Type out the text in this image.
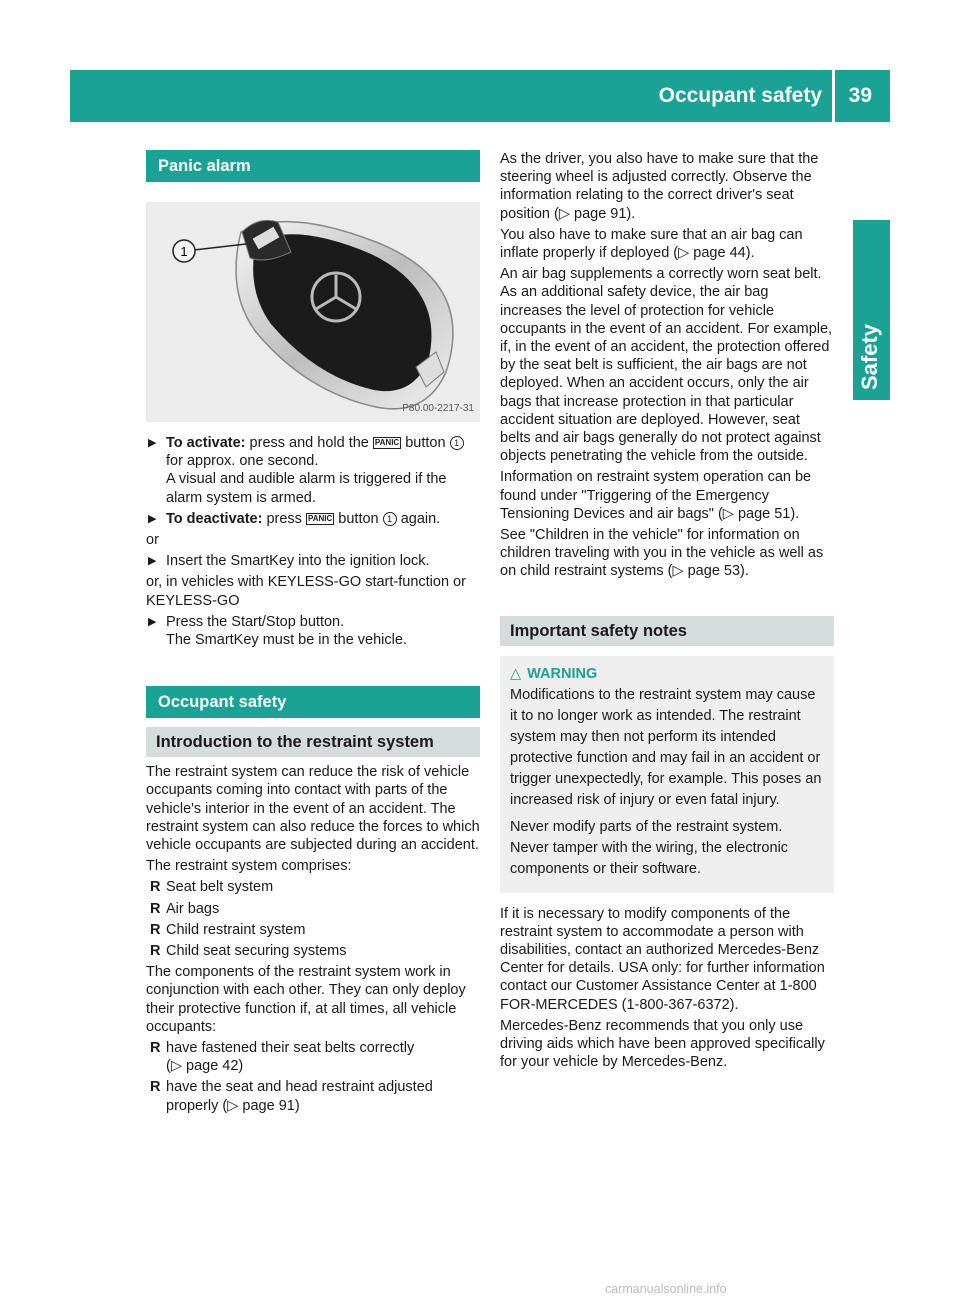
Occupant safety 39
Safety
Panic alarm
1
P80.00-2217-31
▶ To activate: press and hold the PANIC button 1 for approx. one second.
A visual and audible alarm is triggered if the alarm system is armed.
▶ To deactivate: press PANIC button 1 again.

or

▶ Insert the SmartKey into the ignition lock.

or, in vehicles with KEYLESS-GO start-function or KEYLESS-GO

▶ Press the Start/Stop button.
The SmartKey must be in the vehicle.
Occupant safety
Introduction to the restraint system

The restraint system can reduce the risk of vehicle occupants coming into contact with parts of the vehicle's interior in the event of an accident. The restraint system can also reduce the forces to which vehicle occupants are subjected during an accident.

The restraint system comprises:

R Seat belt system
R Air bags
R Child restraint system
R Child seat securing systems

The components of the restraint system work in conjunction with each other. They can only deploy their protective function if, at all times, all vehicle occupants:

R have fastened their seat belts correctly
(▷ page 42)
R have the seat and head restraint adjusted properly (▷ page 91)

As the driver, you also have to make sure that the steering wheel is adjusted correctly. Observe the information relating to the correct driver's seat position (▷ page 91).

You also have to make sure that an air bag can inflate properly if deployed (▷ page 44).

An air bag supplements a correctly worn seat belt. As an additional safety device, the air bag increases the level of protection for vehicle occupants in the event of an accident. For example, if, in the event of an accident, the protection offered by the seat belt is sufficient, the air bags are not deployed. When an accident occurs, only the air bags that increase protection in that particular accident situation are deployed. However, seat belts and air bags generally do not protect against objects penetrating the vehicle from the outside.

Information on restraint system operation can be found under "Triggering of the Emergency Tensioning Devices and air bags" (▷ page 51).

See "Children in the vehicle" for information on children traveling with you in the vehicle as well as on child restraint systems (▷ page 53).

Important safety notes
△ WARNING

Modifications to the restraint system may cause it to no longer work as intended. The restraint system may then not perform its intended protective function and may fail in an accident or trigger unexpectedly, for example. This poses an increased risk of injury or even fatal injury.

Never modify parts of the restraint system. Never tamper with the wiring, the electronic components or their software.

If it is necessary to modify components of the restraint system to accommodate a person with disabilities, contact an authorized Mercedes-Benz Center for details. USA only: for further information contact our Customer Assistance Center at 1-800 FOR-MERCEDES (1-800-367-6372).

Mercedes-Benz recommends that you only use driving aids which have been approved specifically for your vehicle by Mercedes-Benz.

carmanualsonline.info
